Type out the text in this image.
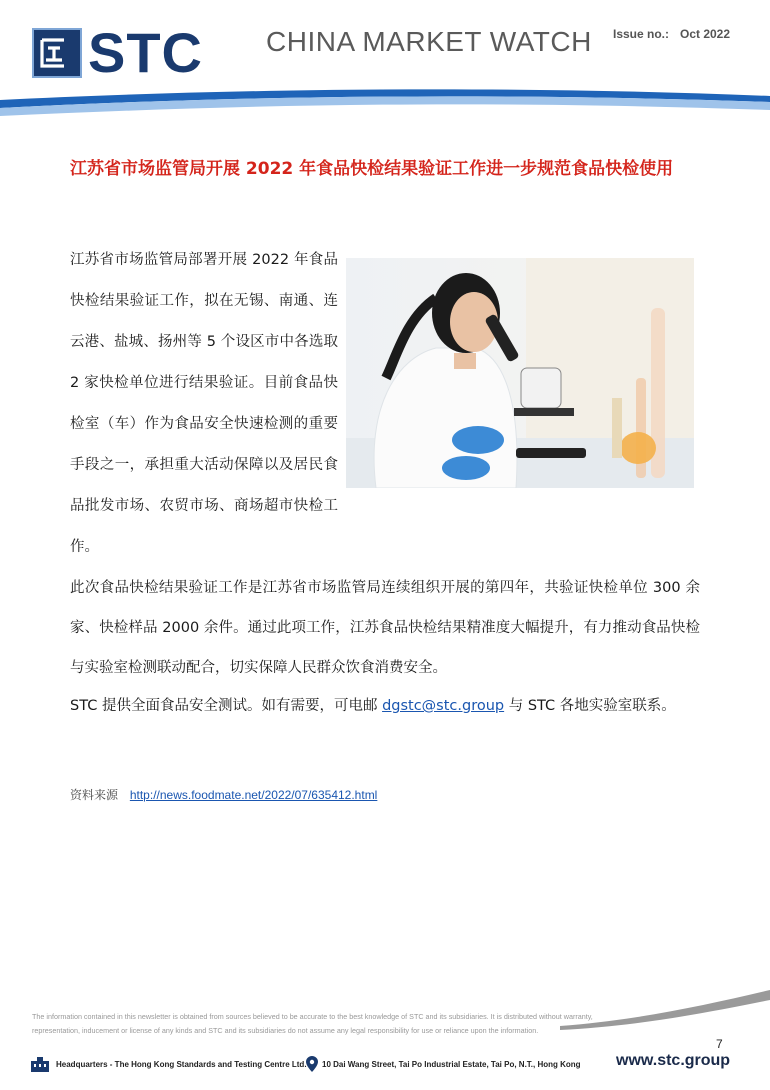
STC CHINA MARKET WATCH Issue no.: Oct 2022
江苏省市场监管局开展 2022 年食品快检结果验证工作进一步规范食品快检使用

江苏省市场监管局部署开展 2022 年食品快检结果验证工作，拟在无锡、南通、连云港、盐城、扬州等 5 个设区市中各选取 2 家快检单位进行结果验证。目前食品快检室（车）作为食品安全快速检测的重要手段之一，承担重大活动保障以及居民食品批发市场、农贸市场、商场超市快检工作。

此次食品快检结果验证工作是江苏省市场监管局连续组织开展的第四年，共验证快检单位 300 余家、快检样品 2000 余件。通过此项工作，江苏食品快检结果精准度大幅提升，有力推动食品快检与实验室检测联动配合，切实保障人民群众饮食消费安全。

STC 提供全面食品安全测试。如有需要，可电邮 dgstc@stc.group 与 STC 各地实验室联系。

资料来源 http://news.foodmate.net/2022/07/635412.html
The information contained in this newsletter is obtained from sources believed to be accurate to the best knowledge of STC and its subsidiaries. It is distributed without warranty, representation, inducement or license of any kinds and STC and its subsidiaries do not assume any legal responsibility for use or reliance upon the information.
7
Headquarters - The Hong Kong Standards and Testing Centre Ltd. 10 Dai Wang Street, Tai Po Industrial Estate, Tai Po, N.T., Hong Kong www.stc.group
